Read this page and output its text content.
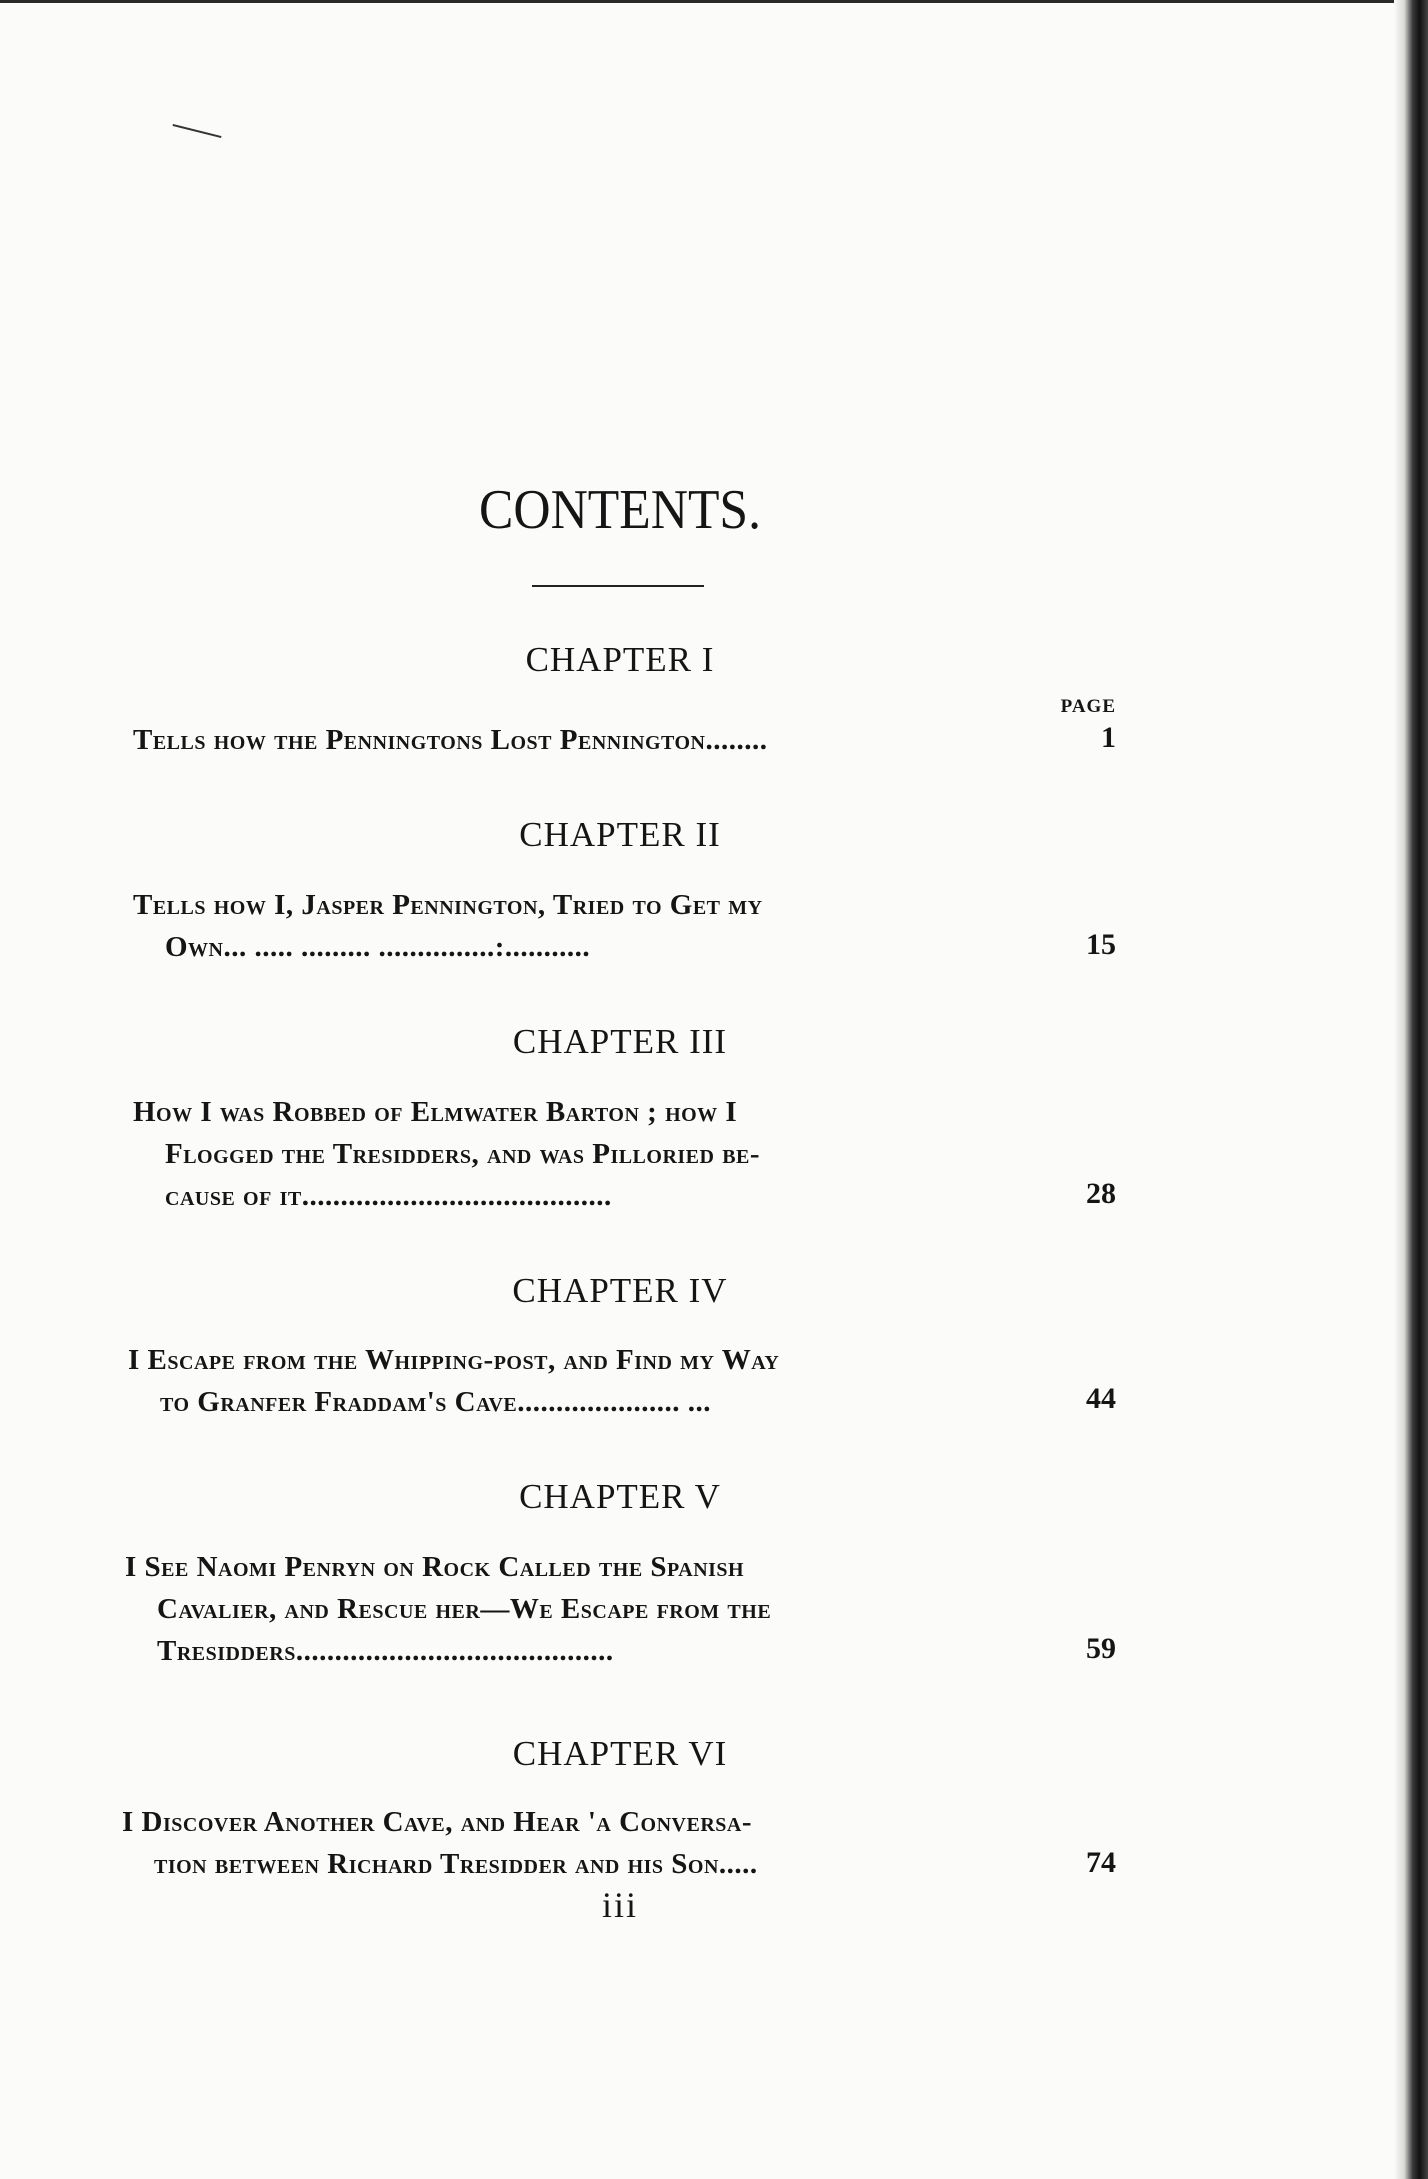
CONTENTS.
CHAPTER I
PAGE
Tells how the Penningtons Lost Pennington........	1
CHAPTER II
Tells how I, Jasper Pennington, Tried to Get my
Own... ..... ......... ...............:...........	15
CHAPTER III
How I was Robbed of Elmwater Barton ; how I
Flogged the Tresidders, and was Pilloried be-
cause of it........................................	28
CHAPTER IV
I Escape from the Whipping-post, and Find my Way
to Granfer Fraddam's Cave..................... ...	44
CHAPTER V
I See Naomi Penryn on Rock Called the Spanish
Cavalier, and Rescue her—We Escape from the
Tresidders.........................................	59
CHAPTER VI
I Discover Another Cave, and Hear 'a Conversa-
tion between Richard Tresidder and his Son.....	74
iii
